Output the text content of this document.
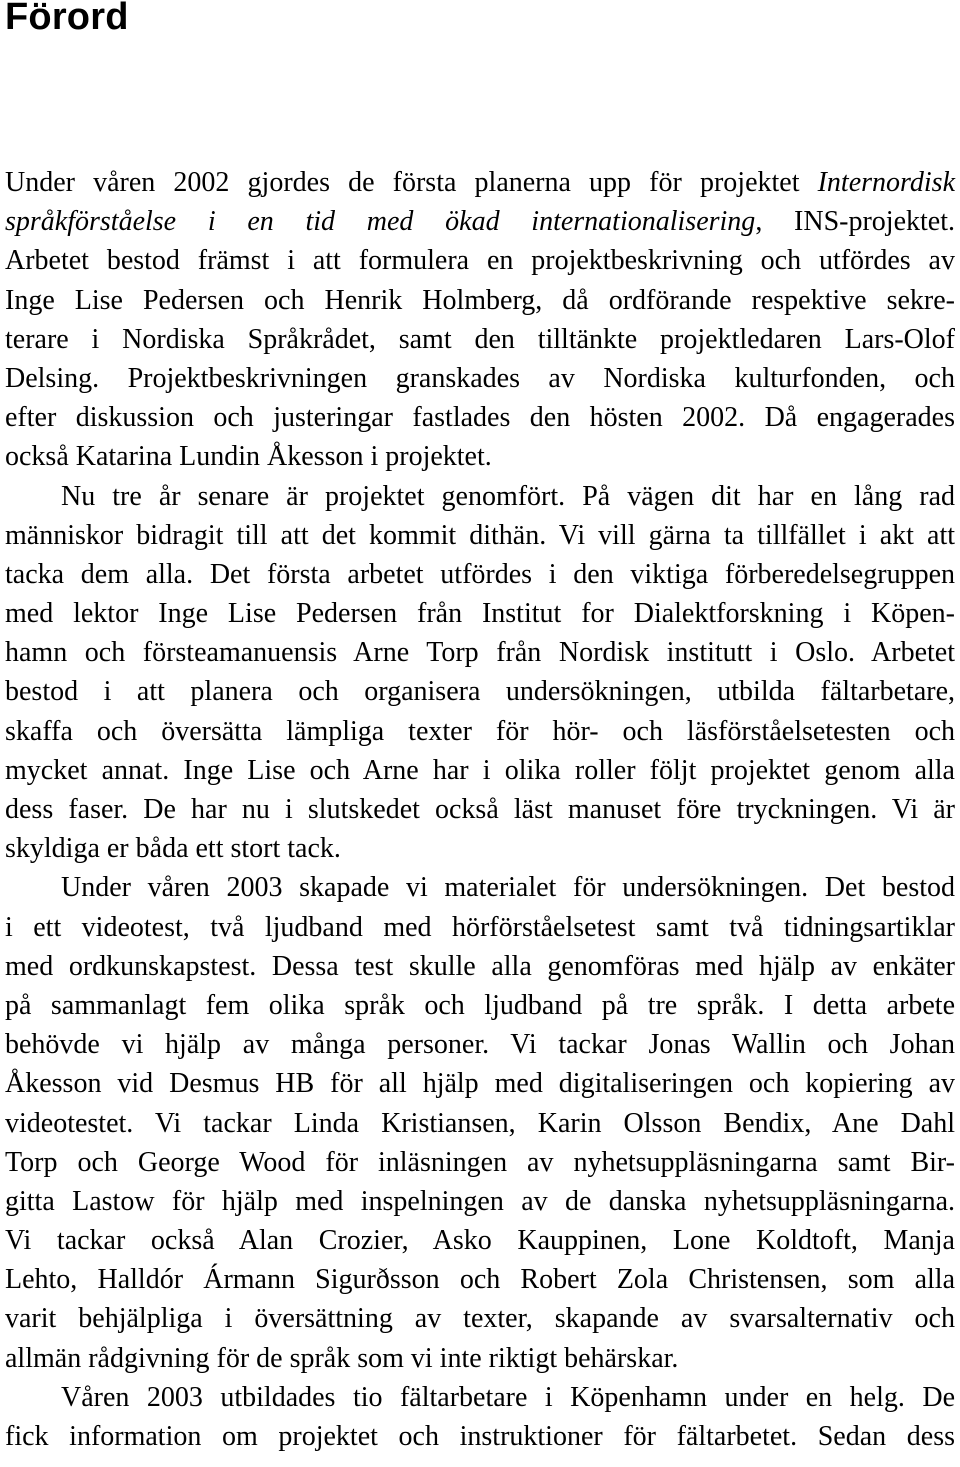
Förord
Under våren 2002 gjordes de första planerna upp för projektet Internordisk
språkförståelse i en tid med ökad internationalisering, INS-projektet.
Arbetet bestod främst i att formulera en projektbeskrivning och utfördes av
Inge Lise Pedersen och Henrik Holmberg, då ordförande respektive sekre-
terare i Nordiska Språkrådet, samt den tilltänkte projektledaren Lars-Olof
Delsing. Projektbeskrivningen granskades av Nordiska kulturfonden, och
efter diskussion och justeringar fastlades den hösten 2002. Då engagerades
också Katarina Lundin Åkesson i projektet.
Nu tre år senare är projektet genomfört. På vägen dit har en lång rad
människor bidragit till att det kommit dithän. Vi vill gärna ta tillfället i akt att
tacka dem alla. Det första arbetet utfördes i den viktiga förberedelsegruppen
med lektor Inge Lise Pedersen från Institut for Dialektforskning i Köpen-
hamn och försteamanuensis Arne Torp från Nordisk institutt i Oslo. Arbetet
bestod i att planera och organisera undersökningen, utbilda fältarbetare,
skaffa och översätta lämpliga texter för hör- och läsförståelsetesten och
mycket annat. Inge Lise och Arne har i olika roller följt projektet genom alla
dess faser. De har nu i slutskedet också läst manuset före tryckningen. Vi är
skyldiga er båda ett stort tack.
Under våren 2003 skapade vi materialet för undersökningen. Det bestod
i ett videotest, två ljudband med hörförståelsetest samt två tidningsartiklar
med ordkunskapstest. Dessa test skulle alla genomföras med hjälp av enkäter
på sammanlagt fem olika språk och ljudband på tre språk. I detta arbete
behövde vi hjälp av många personer. Vi tackar Jonas Wallin och Johan
Åkesson vid Desmus HB för all hjälp med digitaliseringen och kopiering av
videotestet. Vi tackar Linda Kristiansen, Karin Olsson Bendix, Ane Dahl
Torp och George Wood för inläsningen av nyhetsuppläsningarna samt Bir-
gitta Lastow för hjälp med inspelningen av de danska nyhetsuppläsningarna.
Vi tackar också Alan Crozier, Asko Kauppinen, Lone Koldtoft, Manja
Lehto, Halldór Ármann Sigurðsson och Robert Zola Christensen, som alla
varit behjälpliga i översättning av texter, skapande av svarsalternativ och
allmän rådgivning för de språk som vi inte riktigt behärskar.
Våren 2003 utbildades tio fältarbetare i Köpenhamn under en helg. De
fick information om projektet och instruktioner för fältarbetet. Sedan dess
